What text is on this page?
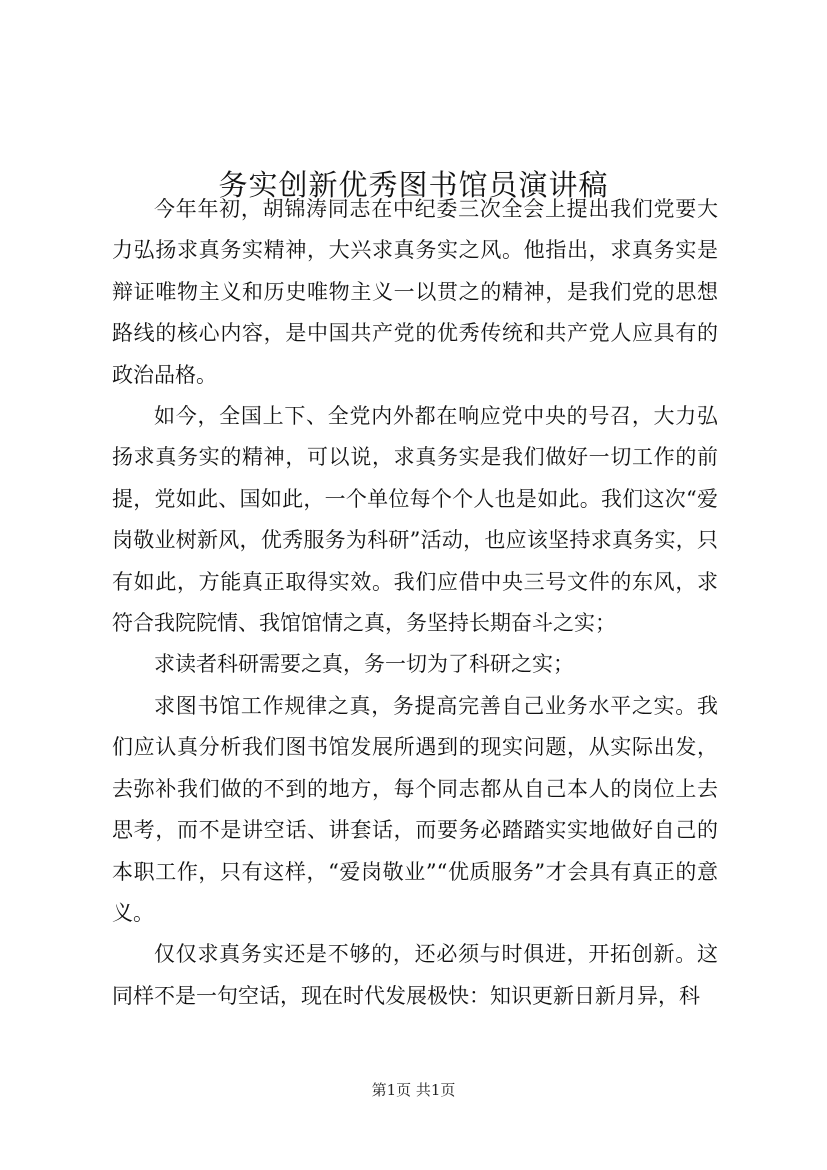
务实创新优秀图书馆员演讲稿

今年年初，胡锦涛同志在中纪委三次全会上提出我们党要大力弘扬求真务实精神，大兴求真务实之风。他指出，求真务实是辩证唯物主义和历史唯物主义一以贯之的精神，是我们党的思想路线的核心内容，是中国共产党的优秀传统和共产党人应具有的政治品格。

如今，全国上下、全党内外都在响应党中央的号召，大力弘扬求真务实的精神，可以说，求真务实是我们做好一切工作的前提，党如此、国如此，一个单位每个个人也是如此。我们这次“爱岗敬业树新风，优秀服务为科研”活动，也应该坚持求真务实，只有如此，方能真正取得实效。我们应借中央三号文件的东风，求符合我院院情、我馆馆情之真，务坚持长期奋斗之实；

求读者科研需要之真，务一切为了科研之实；

求图书馆工作规律之真，务提高完善自己业务水平之实。我们应认真分析我们图书馆发展所遇到的现实问题，从实际出发，去弥补我们做的不到的地方，每个同志都从自己本人的岗位上去思考，而不是讲空话、讲套话，而要务必踏踏实实地做好自己的本职工作，只有这样，“爱岗敬业”“优质服务”才会具有真正的意义。

仅仅求真务实还是不够的，还必须与时俱进，开拓创新。这同样不是一句空话，现在时代发展极快：知识更新日新月异，科

第1页 共1页
